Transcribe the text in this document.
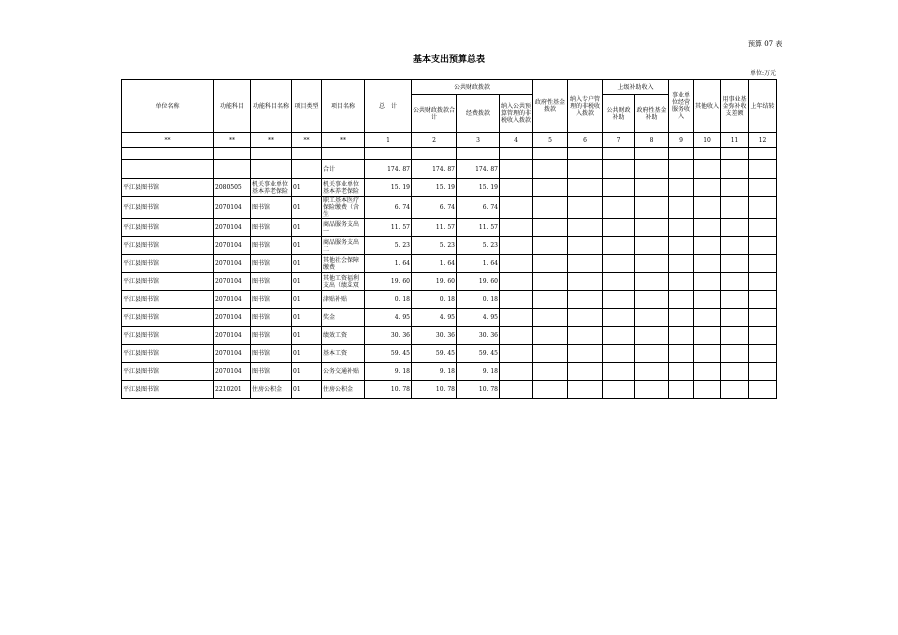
预算 07 表
基本支出预算总表
单位:万元
单位名称	功能科目	功能科目名称	项目类型	项目名称	总　计	公共财政拨款			政府性基金拨款	纳入专户管理的非税收入拨款	上级补助收入		事业单位经营服务收入	其他收入	用事业基金弥补收支差额	上年结转
						公共财政拨款合计	经费拨款	纳入公共预算管理的非税收入拨款			公共财政补助	政府性基金补助				
**	**	**	**	**	1	2	3	4	5	6	7	8	9	10	11	12

				合计	174. 87	174. 87	174. 87									
平江县图书馆	2080505	机关事业单位基本养老保险	01	机关事业单位基本养老保险	15. 19	15. 19	15. 19									
平江县图书馆	2070104	图书馆	01	职工基本医疗保险缴费（含生	6. 74	6. 74	6. 74									
平江县图书馆	2070104	图书馆	01	商品服务支出一	11. 57	11. 57	11. 57									
平江县图书馆	2070104	图书馆	01	商品服务支出二	5. 23	5. 23	5. 23									
平江县图书馆	2070104	图书馆	01	其他社会保障缴费	1. 64	1. 64	1. 64									
平江县图书馆	2070104	图书馆	01	其他工资福利支出（绩효双	19. 60	19. 60	19. 60									
平江县图书馆	2070104	图书馆	01	津贴补贴	0. 18	0. 18	0. 18									
平江县图书馆	2070104	图书馆	01	奖金	4. 95	4. 95	4. 95									
平江县图书馆	2070104	图书馆	01	绩效工资	30. 36	30. 36	30. 36									
平江县图书馆	2070104	图书馆	01	基本工资	59. 45	59. 45	59. 45									
平江县图书馆	2070104	图书馆	01	公务交通补贴	9. 18	9. 18	9. 18									
平江县图书馆	2210201	住房公积金	01	住房公积金	10. 78	10. 78	10. 78									
